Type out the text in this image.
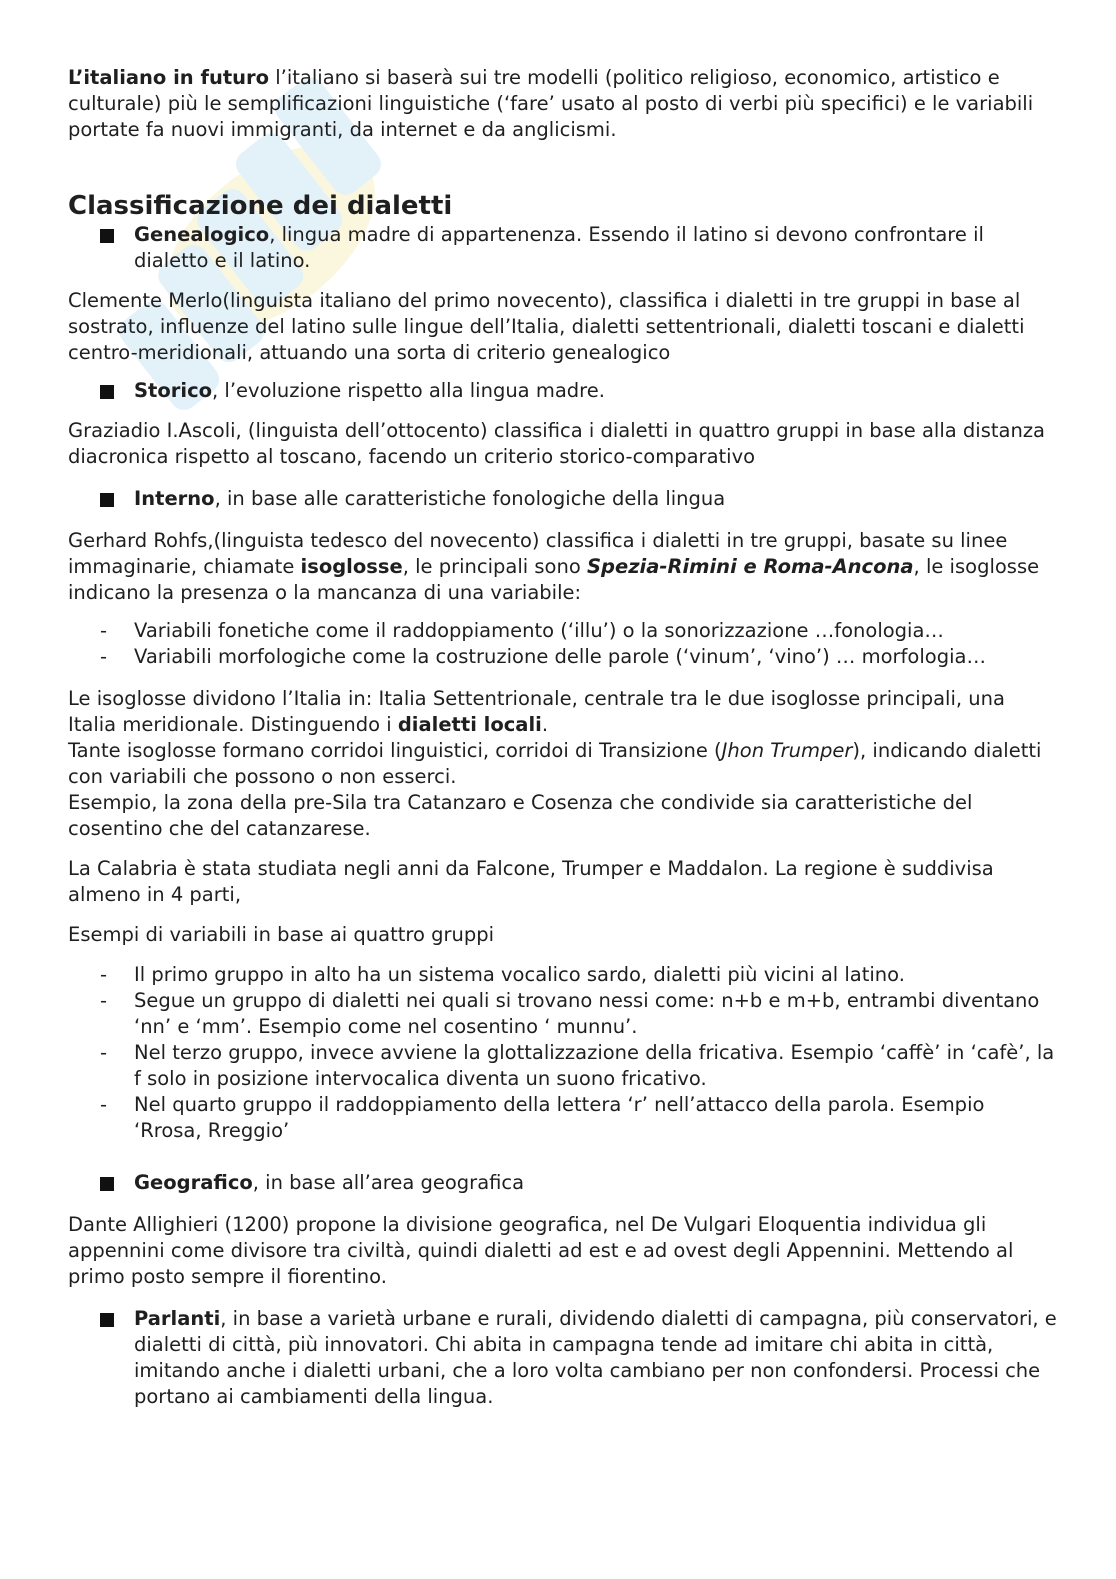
L’italiano in futuro l’italiano si baserà sui tre modelli (politico religioso, economico, artistico e culturale) più le semplificazioni linguistiche (‘fare’ usato al posto di verbi più specifici) e le variabili portate fa nuovi immigranti, da internet e da anglicismi.

Classificazione dei dialetti
Genealogico, lingua madre di appartenenza. Essendo il latino si devono confrontare il dialetto e il latino.

Clemente Merlo(linguista italiano del primo novecento), classifica i dialetti in tre gruppi in base al sostrato, influenze del latino sulle lingue dell’Italia, dialetti settentrionali, dialetti toscani e dialetti centro-meridionali, attuando una sorta di criterio genealogico

Storico, l’evoluzione rispetto alla lingua madre.

Graziadio I.Ascoli, (linguista dell’ottocento) classifica i dialetti in quattro gruppi in base alla distanza diacronica rispetto al toscano, facendo un criterio storico-comparativo

Interno, in base alle caratteristiche fonologiche della lingua

Gerhard Rohfs,(linguista tedesco del novecento) classifica i dialetti in tre gruppi, basate su linee immaginarie, chiamate isoglosse, le principali sono Spezia-Rimini e Roma-Ancona, le isoglosse indicano la presenza o la mancanza di una variabile:

-	Variabili fonetiche come il raddoppiamento (‘illu’) o la sonorizzazione …fonologia…
-	Variabili morfologiche come la costruzione delle parole (‘vinum’, ‘vino’) … morfologia…

Le isoglosse dividono l’Italia in: Italia Settentrionale, centrale tra le due isoglosse principali, una Italia meridionale. Distinguendo i dialetti locali.
Tante isoglosse formano corridoi linguistici, corridoi di Transizione (Jhon Trumper), indicando dialetti con variabili che possono o non esserci.
Esempio, la zona della pre-Sila tra Catanzaro e Cosenza che condivide sia caratteristiche del cosentino che del catanzarese.

La Calabria è stata studiata negli anni da Falcone, Trumper e Maddalon. La regione è suddivisa almeno in 4 parti,

Esempi di variabili in base ai quattro gruppi

-	Il primo gruppo in alto ha un sistema vocalico sardo, dialetti più vicini al latino.
-	Segue un gruppo di dialetti nei quali si trovano nessi come: n+b e m+b, entrambi diventano ‘nn’ e ‘mm’. Esempio come nel cosentino ‘ munnu’.
-	Nel terzo gruppo, invece avviene la glottalizzazione della fricativa. Esempio ‘caffè’ in ‘cafè’, la f solo in posizione intervocalica diventa un suono fricativo.
-	Nel quarto gruppo il raddoppiamento della lettera ‘r’ nell’attacco della parola. Esempio ‘Rrosa, Rreggio’
Geografico, in base all’area geografica

Dante Allighieri (1200) propone la divisione geografica, nel De Vulgari Eloquentia individua gli appennini come divisore tra civiltà, quindi dialetti ad est e ad ovest degli Appennini. Mettendo al primo posto sempre il fiorentino.

Parlanti, in base a varietà urbane e rurali, dividendo dialetti di campagna, più conservatori, e dialetti di città, più innovatori. Chi abita in campagna tende ad imitare chi abita in città, imitando anche i dialetti urbani, che a loro volta cambiano per non confondersi. Processi che portano ai cambiamenti della lingua.
